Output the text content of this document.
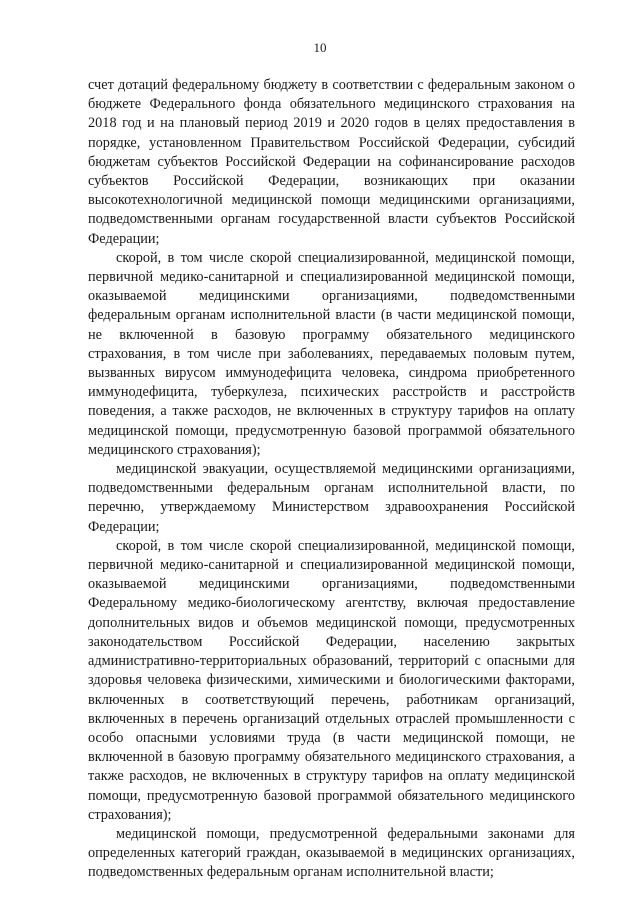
10

счет дотаций федеральному бюджету в соответствии с федеральным законом о бюджете Федерального фонда обязательного медицинского страхования на 2018 год и на плановый период 2019 и 2020 годов в целях предоставления в порядке, установленном Правительством Российской Федерации, субсидий бюджетам субъектов Российской Федерации на софинансирование расходов субъектов Российской Федерации, возникающих при оказании высокотехнологичной медицинской помощи медицинскими организациями, подведомственными органам государственной власти субъектов Российской Федерации;

скорой, в том числе скорой специализированной, медицинской помощи, первичной медико-санитарной и специализированной медицинской помощи, оказываемой медицинскими организациями, подведомственными федеральным органам исполнительной власти (в части медицинской помощи, не включенной в базовую программу обязательного медицинского страхования, в том числе при заболеваниях, передаваемых половым путем, вызванных вирусом иммунодефицита человека, синдрома приобретенного иммунодефицита, туберкулеза, психических расстройств и расстройств поведения, а также расходов, не включенных в структуру тарифов на оплату медицинской помощи, предусмотренную базовой программой обязательного медицинского страхования);

медицинской эвакуации, осуществляемой медицинскими организациями, подведомственными федеральным органам исполнительной власти, по перечню, утверждаемому Министерством здравоохранения Российской Федерации;

скорой, в том числе скорой специализированной, медицинской помощи, первичной медико-санитарной и специализированной медицинской помощи, оказываемой медицинскими организациями, подведомственными Федеральному медико-биологическому агентству, включая предоставление дополнительных видов и объемов медицинской помощи, предусмотренных законодательством Российской Федерации, населению закрытых административно-территориальных образований, территорий с опасными для здоровья человека физическими, химическими и биологическими факторами, включенных в соответствующий перечень, работникам организаций, включенных в перечень организаций отдельных отраслей промышленности с особо опасными условиями труда (в части медицинской помощи, не включенной в базовую программу обязательного медицинского страхования, а также расходов, не включенных в структуру тарифов на оплату медицинской помощи, предусмотренную базовой программой обязательного медицинского страхования);

медицинской помощи, предусмотренной федеральными законами для определенных категорий граждан, оказываемой в медицинских организациях, подведомственных федеральным органам исполнительной власти;
